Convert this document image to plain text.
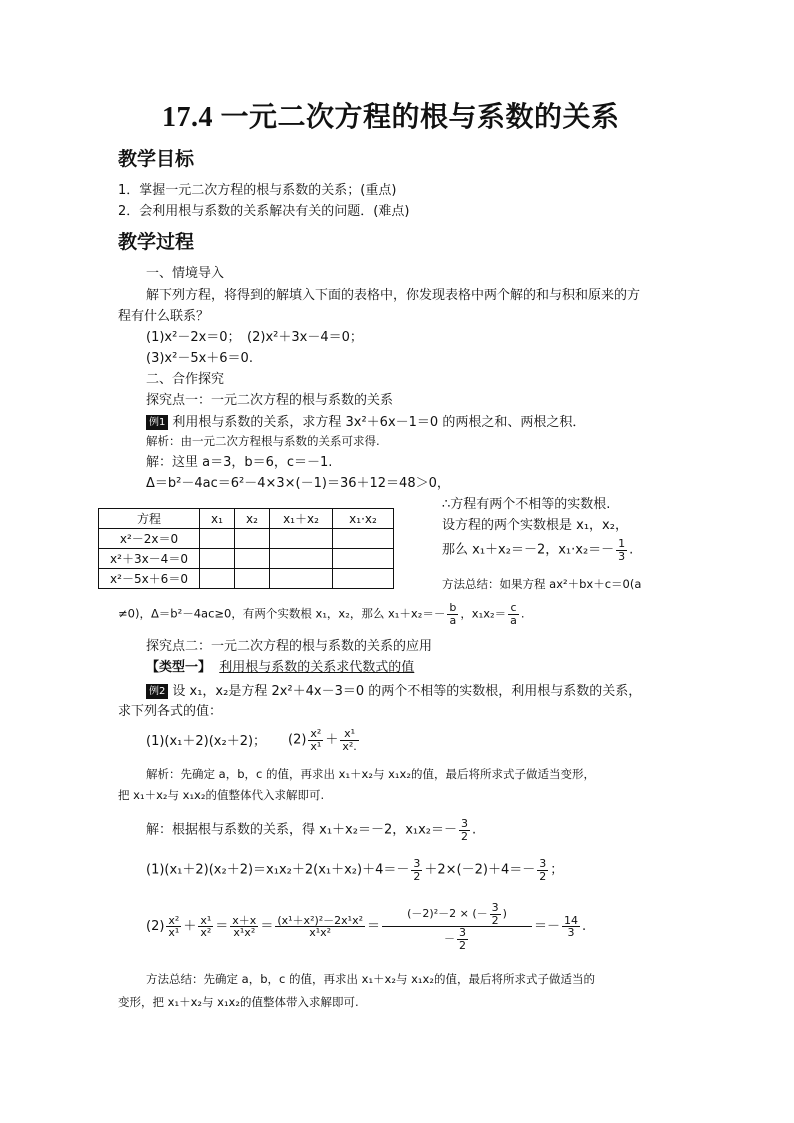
17.4 一元二次方程的根与系数的关系
教学目标
1．掌握一元二次方程的根与系数的关系；(重点)
2．会利用根与系数的关系解决有关的问题．(难点)
教学过程
一、情境导入
解下列方程，将得到的解填入下面的表格中，你发现表格中两个解的和与积和原来的方
程有什么联系？
(1)x²－2x＝0；　(2)x²＋3x－4＝0；
(3)x²－5x＋6＝0.
二、合作探究
探究点一：一元二次方程的根与系数的关系
例1 利用根与系数的关系，求方程 3x²＋6x－1＝0 的两根之和、两根之积．
解析：由一元二次方程根与系数的关系可求得.
解：这里 a＝3，b＝6，c＝－1.
Δ＝b²－4ac＝6²－4×3×(－1)＝36＋12＝48＞0，
∴方程有两个不相等的实数根.
设方程的两个实数根是 x₁，x₂，
那么 x₁＋x₂＝－2，$x_1\cdot x_2=- \frac{1}{3}$ .
方法总结：如果方程 ax²＋bx＋c＝0(a
方程	x₁	x₂	x₁＋x₂	x₁·x₂
x²－2x＝0				
x²＋3x－4＝0				
x²－5x＋6＝0				
≠0)，Δ＝b²－4ac≥0，有两个实数根 x₁，x₂，那么 $x_1+x_2=- \frac{b}{a}$ ，$x_1x_2= \frac{c}{a}$ .
探究点二：一元二次方程的根与系数的关系的应用
【类型一】 利用根与系数的关系求代数式的值
例2 设 x₁，x₂是方程 2x²＋4x－3＝0 的两个不相等的实数根，利用根与系数的关系，
求下列各式的值：
(1)(x₁＋2)(x₂＋2)； $(2) \frac{\text{x²}}{\text{x¹}} + \frac{\text{x¹}}{\text{x².}}$
解析：先确定 a，b，c 的值，再求出 x₁＋x₂与 x₁x₂的值，最后将所求式子做适当变形，
把 x₁＋x₂与 x₁x₂的值整体代入求解即可.
解：根据根与系数的关系，得 x₁＋x₂＝－2，$x_1x_2=- \frac{3}{2}$ .
$(1)(x_1+2)(x_2+2)=x_1x_2+2(x_1+x_2)+4=- \frac{3}{2} +2\times(-2)+4=- \frac{3}{2}$ ；
$(2) \frac{\text{x²}}{\text{x¹}} + \frac{\text{x¹}}{\text{x²}} = \frac{x+x}{\text{x¹x²}} = \frac{\text{(x¹＋x²)²－2x¹x²}}{\text{x¹x²}} = \frac{(-2)^2-2 \times (- \frac{3}{2} )}{- \frac{3}{2}} =- \frac{14}{3}$ .
方法总结：先确定 a，b，c 的值，再求出 x₁＋x₂与 x₁x₂的值，最后将所求式子做适当的
变形，把 x₁＋x₂与 x₁x₂的值整体带入求解即可.
